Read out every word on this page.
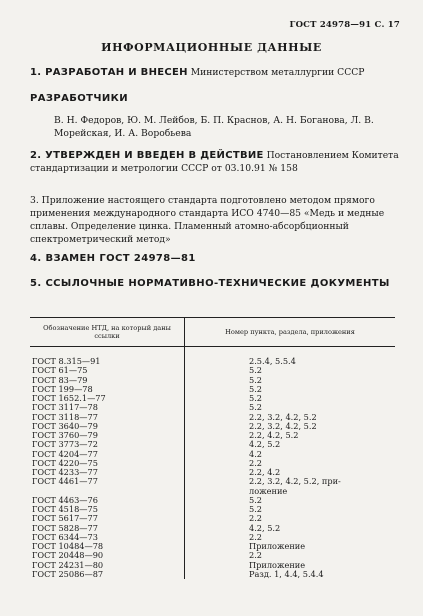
ГОСТ 24978—91 С. 17
ИНФОРМАЦИОННЫЕ ДАННЫЕ
1. РАЗРАБОТАН И ВНЕСЕН Министерством металлургии СССР
РАЗРАБОТЧИКИ
В. Н. Федоров, Ю. М. Лейбов, Б. П. Краснов, А. Н. Боганова, Л. В. Морейская, И. А. Воробьева
2. УТВЕРЖДЕН И ВВЕДЕН В ДЕЙСТВИЕ Постановлением Комитета стандартизации и метрологии СССР от 03.10.91 № 158
3. Приложение настоящего стандарта подготовлено методом прямого применения международного стандарта ИСО 4740—85 «Медь и медные сплавы. Определение цинка. Пламенный атомно-абсорбционный спектрометрический метод»
4. ВЗАМЕН ГОСТ 24978—81
5. ССЫЛОЧНЫЕ НОРМАТИВНО-ТЕХНИЧЕСКИЕ ДОКУМЕНТЫ
Обозначение НТД, на который даны ссылки	Номер пункта, раздела, приложения

ГОСТ 8.315—91	2.5.4, 5.5.4

ГОСТ 61—75	5.2

ГОСТ 83—79	5.2

ГОСТ 199—78	5.2

ГОСТ 1652.1—77	5.2

ГОСТ 3117—78	5.2

ГОСТ 3118—77	2.2, 3.2, 4.2, 5.2

ГОСТ 3640—79	2.2, 3.2, 4.2, 5.2

ГОСТ 3760—79	2.2, 4.2, 5.2

ГОСТ 3773—72	4.2, 5.2

ГОСТ 4204—77	4.2

ГОСТ 4220—75	2.2

ГОСТ 4233—77	2.2, 4.2

ГОСТ 4461—77	2.2, 3.2, 4.2, 5.2, при-
ложение

ГОСТ 4463—76	5.2

ГОСТ 4518—75	5.2

ГОСТ 5617—77	2.2

ГОСТ 5828—77	4.2, 5.2

ГОСТ 6344—73	2.2

ГОСТ 10484—78	Приложение

ГОСТ 20448—90	2.2

ГОСТ 24231—80	Приложение

ГОСТ 25086—87	Разд. 1, 4.4, 5.4.4
